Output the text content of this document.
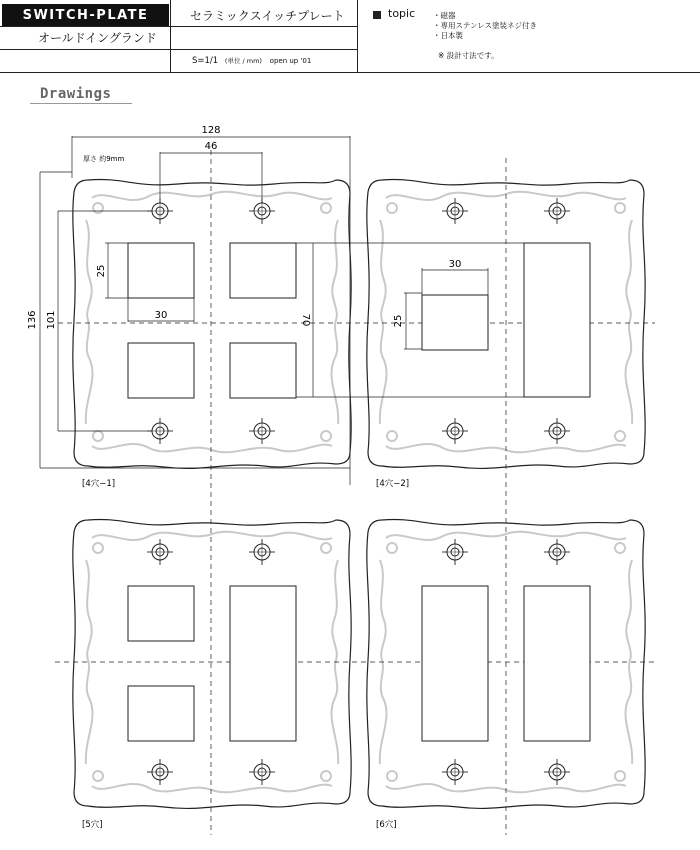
SWITCH-PLATE
オールドイングランド
セラミックスイッチプレート
S=1/1 (単位 / mm) open up '01
topic ・磁器
・専用ステンレス塗装ネジ付き
・日本製
※ 設計寸法です。
Drawings
128
46
厚さ 約9mm
136 101
25
30	70
30
25
[4穴−1]	[4穴−2]
[5穴]	[6穴]
